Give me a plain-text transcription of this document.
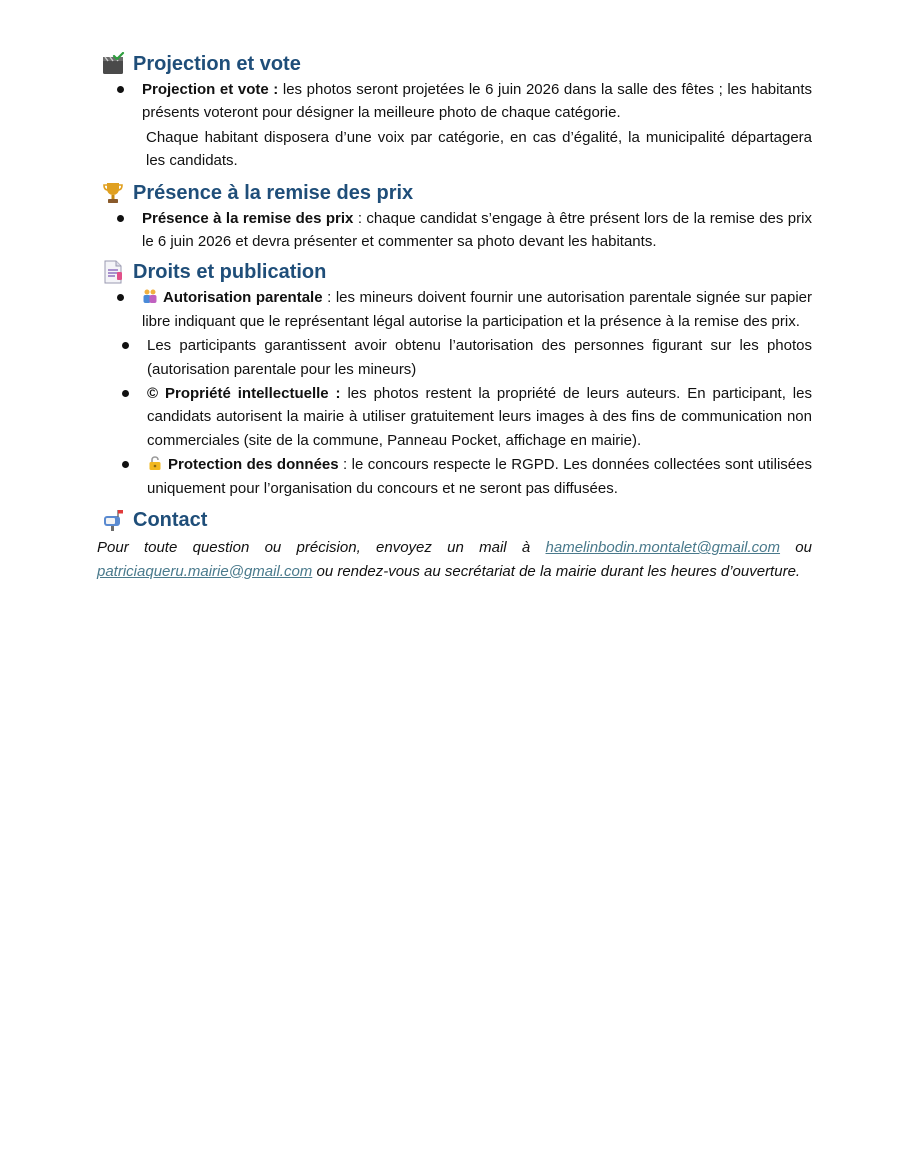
Projection et vote
Projection et vote : les photos seront projetées le 6 juin 2026 dans la salle des fêtes ; les habitants présents voteront pour désigner la meilleure photo de chaque catégorie.
Chaque habitant disposera d’une voix par catégorie, en cas d’égalité, la municipalité départagera les candidats.
Présence à la remise des prix
Présence à la remise des prix : chaque candidat s’engage à être présent lors de la remise des prix le 6 juin 2026 et devra présenter et commenter sa photo devant les habitants.
Droits et publication
Autorisation parentale : les mineurs doivent fournir une autorisation parentale signée sur papier libre indiquant que le représentant légal autorise la participation et la présence à la remise des prix.
Les participants garantissent avoir obtenu l’autorisation des personnes figurant sur les photos (autorisation parentale pour les mineurs)
© Propriété intellectuelle : les photos restent la propriété de leurs auteurs. En participant, les candidats autorisent la mairie à utiliser gratuitement leurs images à des fins de communication non commerciales (site de la commune, Panneau Pocket, affichage en mairie).
Protection des données : le concours respecte le RGPD. Les données collectées sont utilisées uniquement pour l’organisation du concours et ne seront pas diffusées.
Contact

Pour toute question ou précision, envoyez un mail à hamelinbodin.montalet@gmail.com ou patriciaqueru.mairie@gmail.com ou rendez-vous au secrétariat de la mairie durant les heures d’ouverture.
